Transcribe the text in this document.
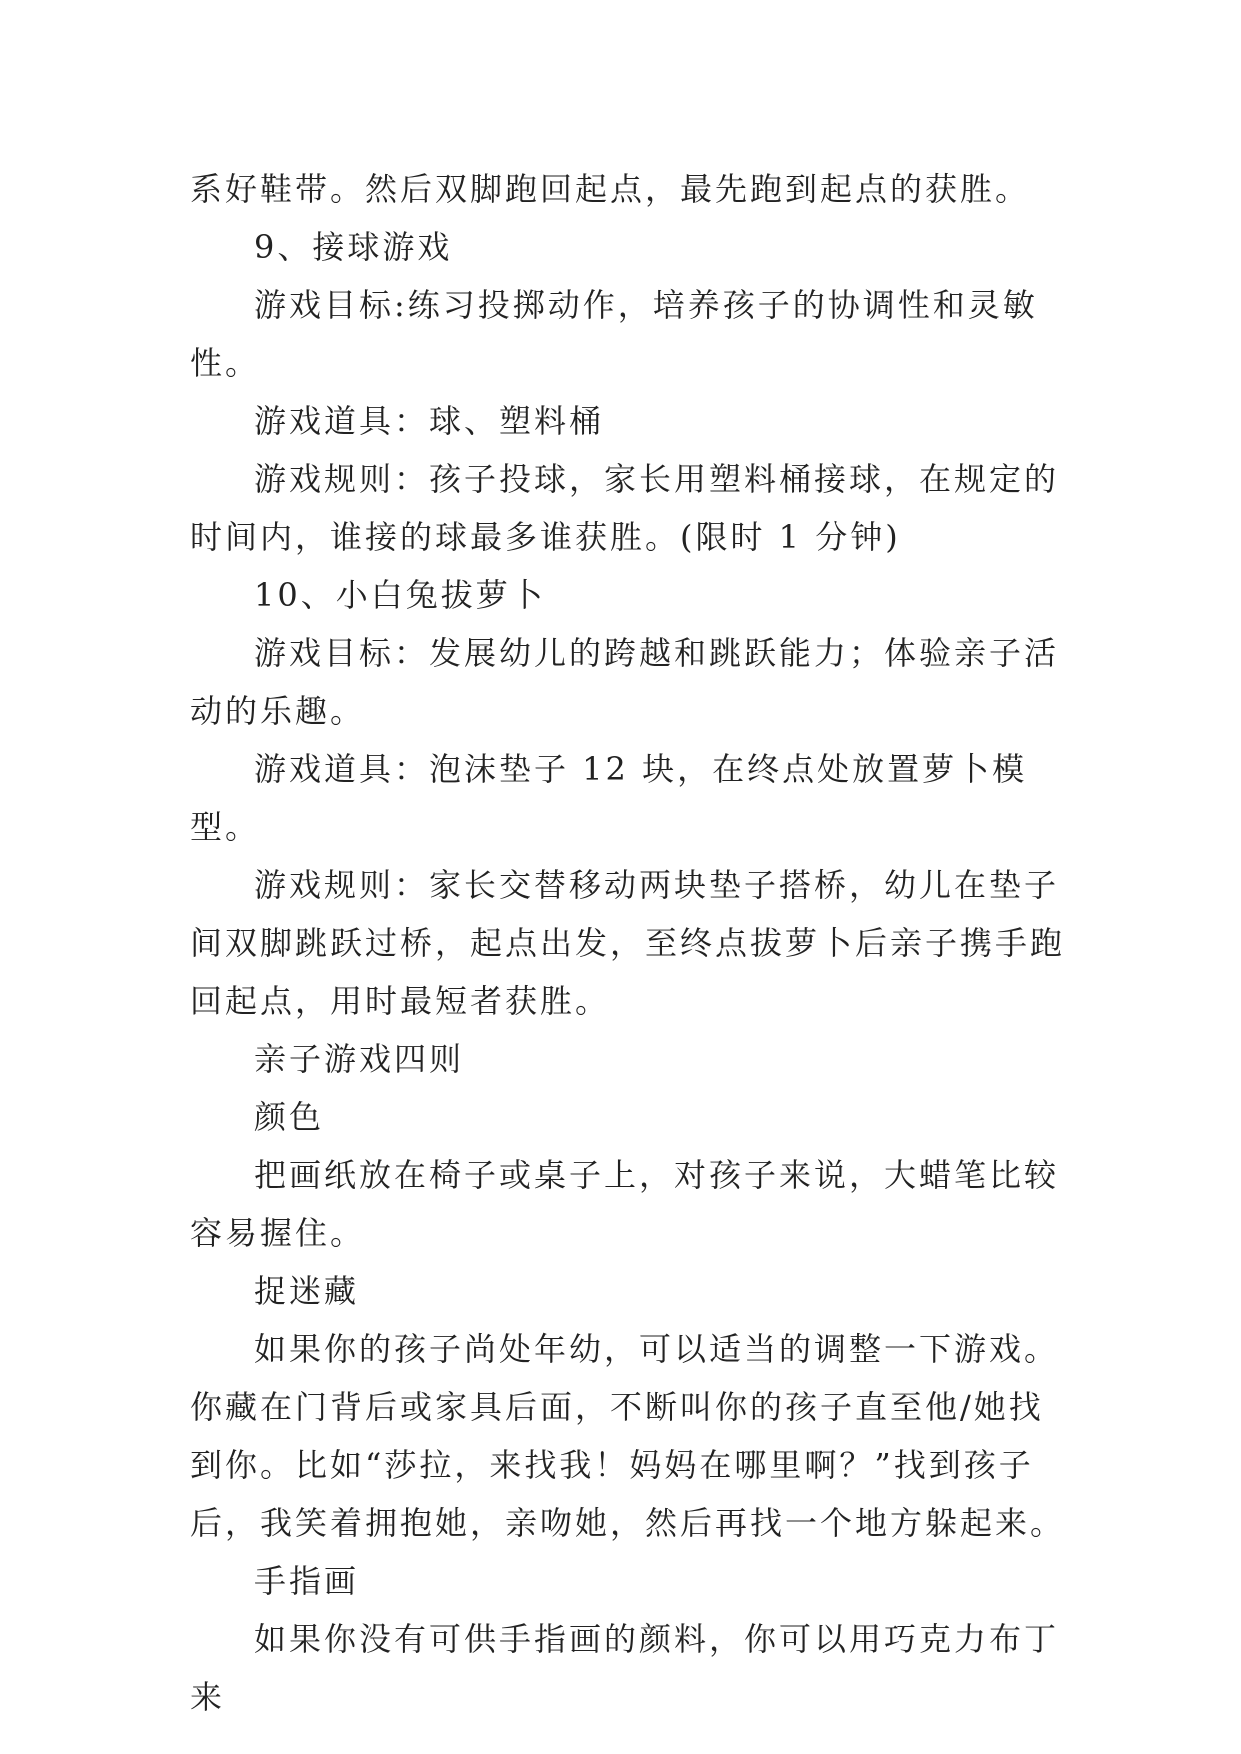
系好鞋带。然后双脚跑回起点，最先跑到起点的获胜。

9、接球游戏

游戏目标:练习投掷动作，培养孩子的协调性和灵敏性。

游戏道具：球、塑料桶

游戏规则：孩子投球，家长用塑料桶接球，在规定的时间内，谁接的球最多谁获胜。(限时 1 分钟)

10、小白兔拔萝卜

游戏目标：发展幼儿的跨越和跳跃能力；体验亲子活动的乐趣。

游戏道具：泡沫垫子 12 块，在终点处放置萝卜模型。

游戏规则：家长交替移动两块垫子搭桥，幼儿在垫子间双脚跳跃过桥，起点出发，至终点拔萝卜后亲子携手跑回起点，用时最短者获胜。

亲子游戏四则

颜色

把画纸放在椅子或桌子上，对孩子来说，大蜡笔比较容易握住。

捉迷藏

如果你的孩子尚处年幼，可以适当的调整一下游戏。你藏在门背后或家具后面，不断叫你的孩子直至他/她找到你。比如“莎拉，来找我！妈妈在哪里啊？”找到孩子后，我笑着拥抱她，亲吻她，然后再找一个地方躲起来。

手指画

如果你没有可供手指画的颜料，你可以用巧克力布丁来
